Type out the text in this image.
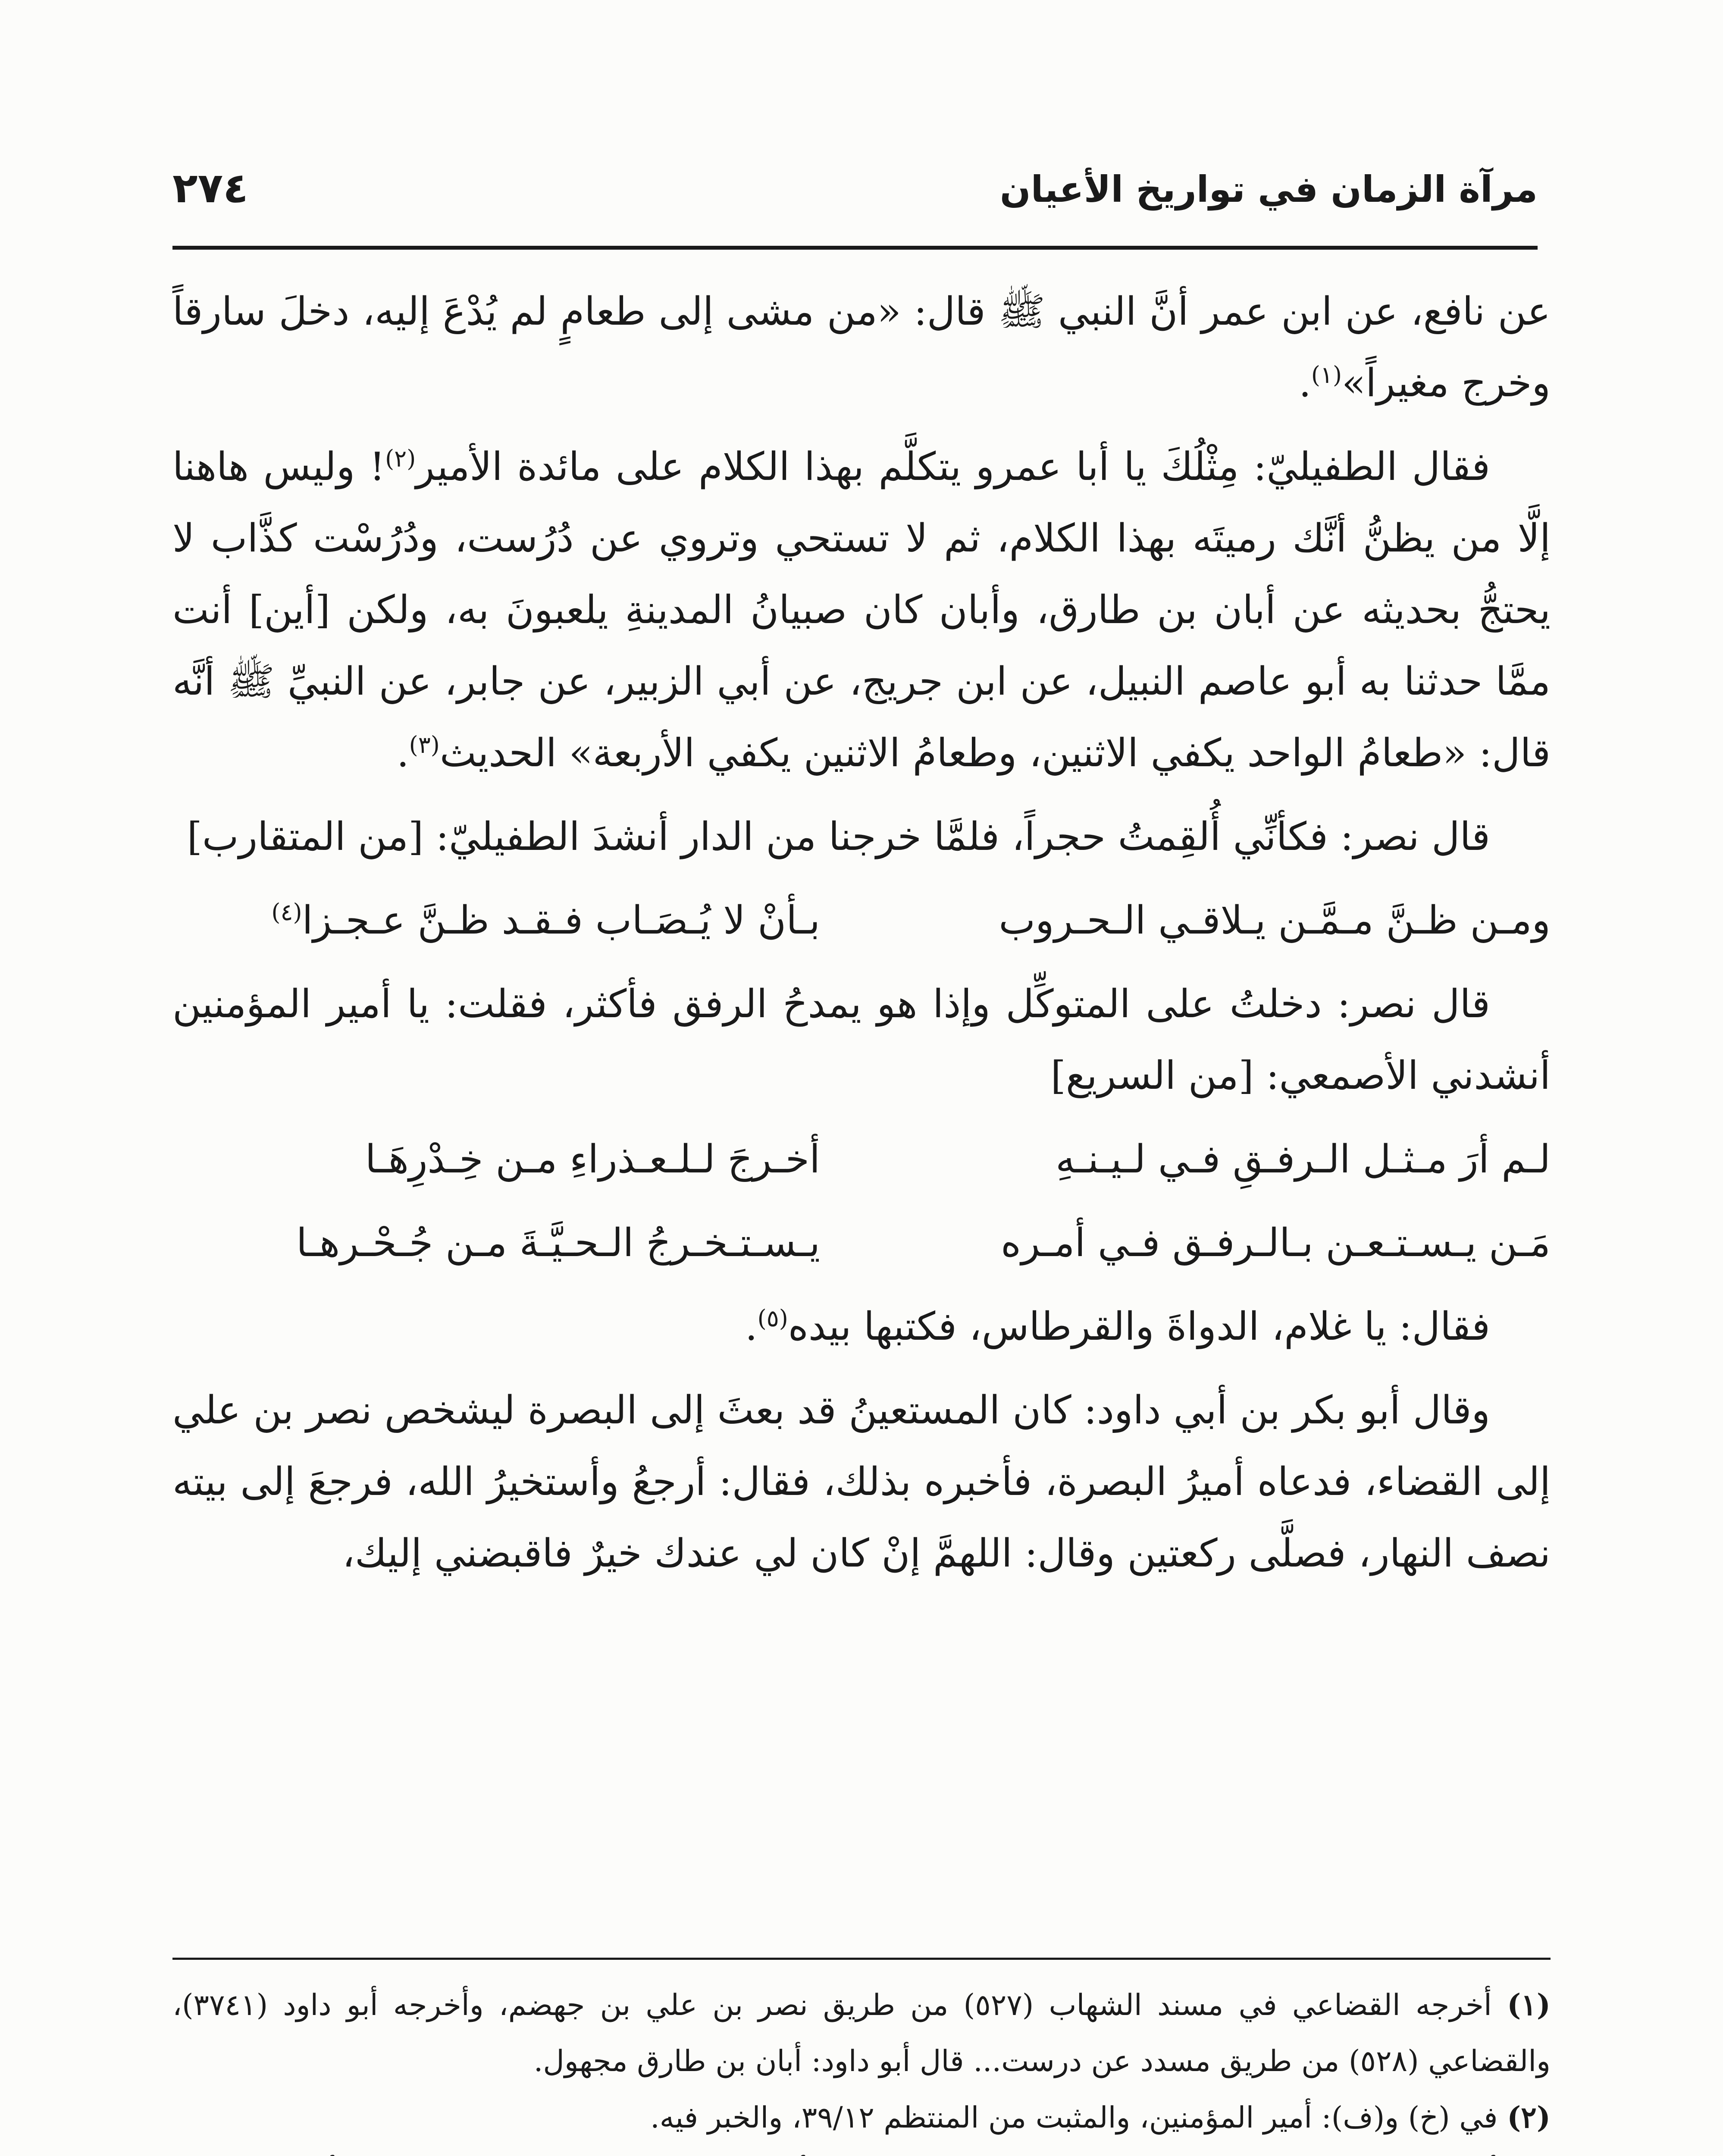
مرآة الزمان في تواريخ الأعيان
٢٧٤

عن نافع، عن ابن عمر أنَّ النبي ﷺ قال: «من مشى إلى طعامٍ لم يُدْعَ إليه، دخلَ سارقاً وخرج مغيراً»$^{(١)}$.

فقال الطفيليّ: مِثْلُكَ يا أبا عمرو يتكلَّم بهذا الكلام على مائدة الأمير$^{(٢)}$! وليس هاهنا إلَّا من يظنُّ أنَّك رميتَه بهذا الكلام، ثم لا تستحي وتروي عن دُرُست، ودُرُسْت كذَّاب لا يحتجُّ بحديثه عن أبان بن طارق، وأبان كان صبيانُ المدينةِ يلعبونَ به، ولكن [أين] أنت ممَّا حدثنا به أبو عاصم النبيل، عن ابن جريج، عن أبي الزبير، عن جابر، عن النبيِّ ﷺ أنَّه قال: «طعامُ الواحد يكفي الاثنين، وطعامُ الاثنين يكفي الأربعة» الحديث$^{(٣)}$.

قال نصر: فكأنِّي أُلقِمتُ حجراً، فلمَّا خرجنا من الدار أنشدَ الطفيليّ: [من المتقارب]

ومـن ظـنَّ مـمَّـن يـلاقـي الـحـروب
بـأنْ لا يُـصَـاب فـقـد ظـنَّ عـجـزا$^{(٤)}$

قال نصر: دخلتُ على المتوكِّل وإذا هو يمدحُ الرفق فأكثر، فقلت: يا أمير المؤمنين أنشدني الأصمعي: [من السريع]

لـم أرَ مـثـل الـرفـقِ فـي لـيـنـهِ
أخـرجَ لـلـعـذراءِ مـن خِـدْرِهَـا
مَـن يـسـتـعـن بـالـرفـق فـي أمـره
يـسـتـخـرجُ الـحـيَّـةَ مـن جُـحْـرهـا

فقال: يا غلام، الدواةَ والقرطاس، فكتبها بيده$^{(٥)}$.

وقال أبو بكر بن أبي داود: كان المستعينُ قد بعثَ إلى البصرة ليشخص نصر بن علي إلى القضاء، فدعاه أميرُ البصرة، فأخبره بذلك، فقال: أرجعُ وأستخيرُ الله، فرجعَ إلى بيته نصف النهار، فصلَّى ركعتين وقال: اللهمَّ إنْ كان لي عندك خيرٌ فاقبضني إليك،

(١) أخرجه القضاعي في مسند الشهاب (٥٢٧) من طريق نصر بن علي بن جهضم، وأخرجه أبو داود (٣٧٤١)، والقضاعي (٥٢٨) من طريق مسدد عن درست... قال أبو داود: أبان بن طارق مجهول.

(٢) في (خ) و(ف): أمير المؤمنين، والمثبت من المنتظم ٣٩/١٢، والخبر فيه.
